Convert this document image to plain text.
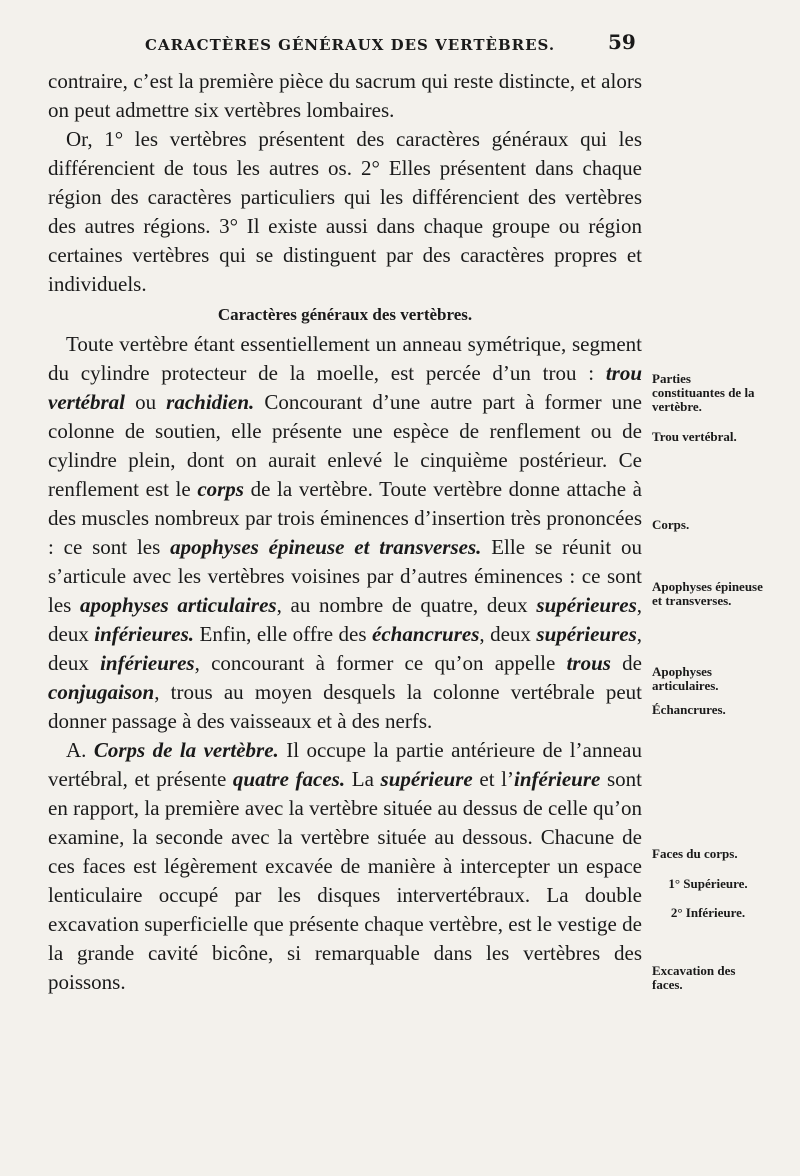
CARACTÈRES GÉNÉRAUX DES VERTÈBRES.	59

contraire, c’est la première pièce du sacrum qui reste distincte, et alors on peut admettre six vertèbres lombaires.

Or, 1° les vertèbres présentent des caractères généraux qui les différencient de tous les autres os. 2° Elles présentent dans chaque région des caractères particuliers qui les différencient des vertèbres des autres régions. 3° Il existe aussi dans chaque groupe ou région certaines vertèbres qui se distinguent par des caractères propres et individuels.

Caractères généraux des vertèbres.

Toute vertèbre étant essentiellement un anneau symétrique, segment du cylindre protecteur de la moelle, est percée d’un trou : trou vertébral ou rachidien. Concourant d’une autre part à former une colonne de soutien, elle présente une espèce de renflement ou de cylindre plein, dont on aurait enlevé le cinquième postérieur. Ce renflement est le corps de la vertèbre. Toute vertèbre donne attache à des muscles nombreux par trois éminences d’insertion très prononcées : ce sont les apophyses épineuse et transverses. Elle se réunit ou s’articule avec les vertèbres voisines par d’autres éminences : ce sont les apophyses articulaires, au nombre de quatre, deux supérieures, deux inférieures. Enfin, elle offre des échancrures, deux supérieures, deux inférieures, concourant à former ce qu’on appelle trous de conjugaison, trous au moyen desquels la colonne vertébrale peut donner passage à des vaisseaux et à des nerfs.

A. Corps de la vertèbre. Il occupe la partie antérieure de l’anneau vertébral, et présente quatre faces. La supérieure et l’inférieure sont en rapport, la première avec la vertèbre située au dessus de celle qu’on examine, la seconde avec la vertèbre située au dessous. Chacune de ces faces est légèrement excavée de manière à intercepter un espace lenticulaire occupé par les disques intervertébraux. La double excavation superficielle que présente chaque vertèbre, est le vestige de la grande cavité bicône, si remarquable dans les vertèbres des poissons.

Parties constituantes de la vertèbre.
Trou vertébral.
Corps.
Apophyses épineuse et transverses.
Apophyses articulaires.
Échancrures.
Faces du corps.
1° Supérieure.
2° Inférieure.
Excavation des faces.
